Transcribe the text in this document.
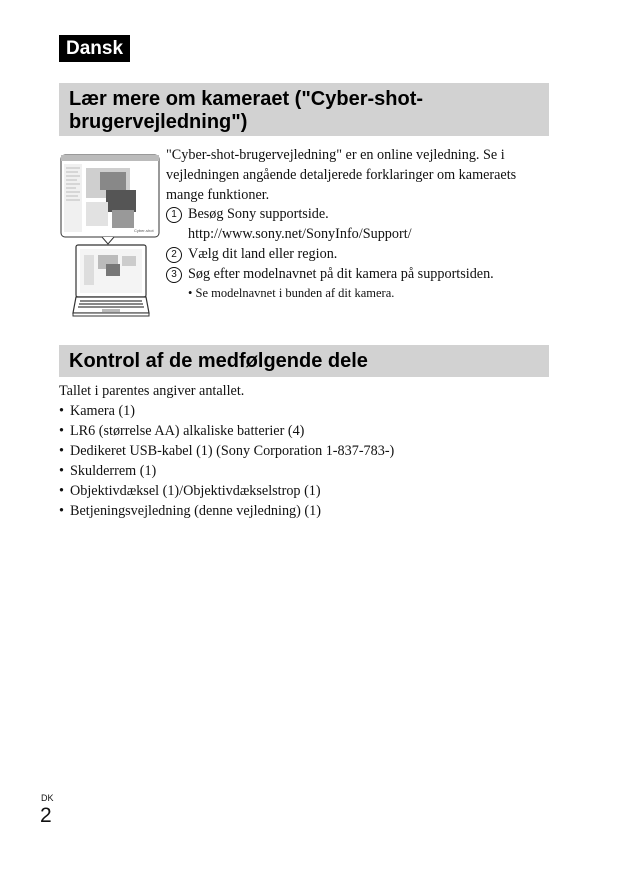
Dansk
Lær mere om kameraet ("Cyber-shot-
brugervejledning")
Cyber-shot

"Cyber-shot-brugervejledning" er en online vejledning. Se i
vejledningen angående detaljerede forklaringer om kameraets
mange funktioner.

1 Besøg Sony supportside.
http://www.sony.net/SonyInfo/Support/
2 Vælg dit land eller region.
3 Søg efter modelnavnet på dit kamera på supportsiden.
• Se modelnavnet i bunden af dit kamera.
Kontrol af de medfølgende dele
Tallet i parentes angiver antallet.
• Kamera (1)
• LR6 (størrelse AA) alkaliske batterier (4)
• Dedikeret USB-kabel (1) (Sony Corporation 1-837-783-)
• Skulderrem (1)
• Objektivdæksel (1)/Objektivdækselstrop (1)
• Betjeningsvejledning (denne vejledning) (1)
DK
2
